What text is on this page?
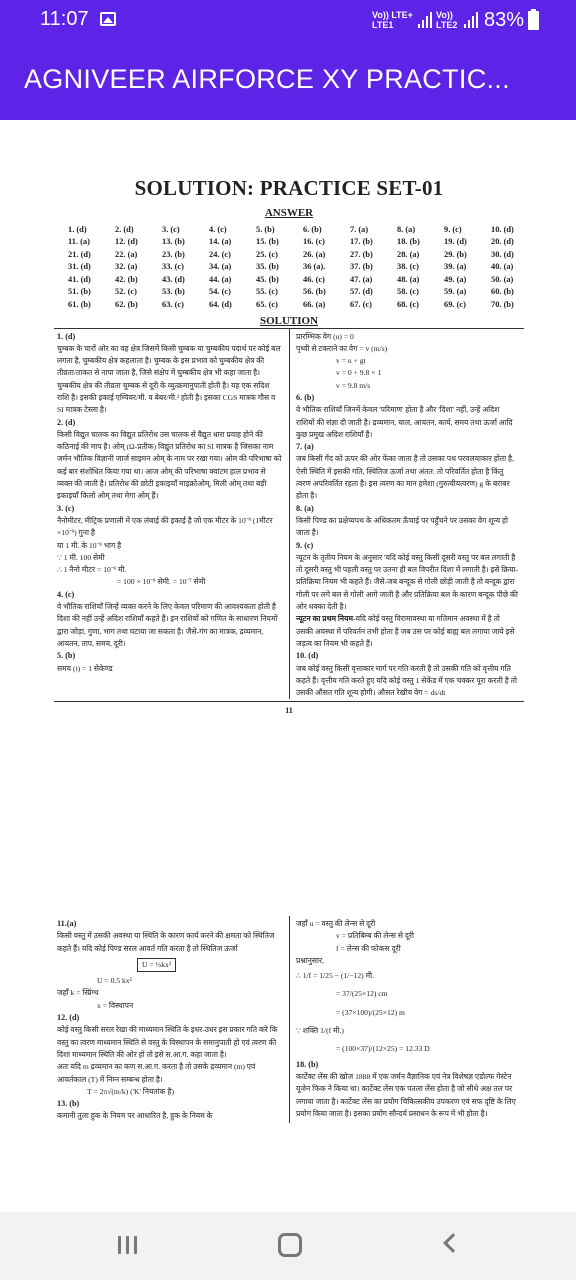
11:07	Vo)) LTE+
LTE1
Vo))
LTE2 83%
AGNIVEER AIRFORCE XY PRACTIC...
SOLUTION: PRACTICE SET-01
ANSWER
1. (d)	2. (d)	3. (c)	4. (c)	5. (b)	6. (b)	7. (a)	8. (a)	9. (c)	10. (d)
11. (a)	12. (d)	13. (b)	14. (a)	15. (b)	16. (c)	17. (b)	18. (b)	19. (d)	20. (d)
21. (d)	22. (a)	23. (b)	24. (c)	25. (c)	26. (a)	27. (b)	28. (a)	29. (b)	30. (d)
31. (d)	32. (a)	33. (c)	34. (a)	35. (b)	36 (a).	37. (b)	38. (c)	39. (a)	40. (a)
41. (d)	42. (b)	43. (d)	44. (a)	45. (b)	46. (c)	47. (a)	48. (a)	49. (a)	50. (a)
51. (b)	52. (c)	53. (b)	54. (c)	55. (c)	56. (b)	57. (d)	58. (c)	59. (a)	60. (b)
61. (b)	62. (b)	63. (c)	64. (d)	65. (c)	66. (a)	67. (c)	68. (c)	69. (c)	70. (b)
SOLUTION
1. (d)
चुम्बक के चारों ओर का वह क्षेत्र जिसमें किसी चुम्बक या चुम्बकीय पदार्थ पर कोई बल लगता है, चुम्बकीय क्षेत्र कहलाता है। चुम्बक के इस प्रभाव को चुम्बकीय क्षेत्र की तीव्रता/ताकत से नापा जाता है, जिसे संक्षेप में चुम्बकीय क्षेत्र भी कहा जाता है। चुम्बकीय क्षेत्र की तीव्रता चुम्बक से दूरी के व्युत्क्रमानुपाती होती है। यह एक सदिश राशि है। इसकी इकाई एम्पियर/मी. व बेबर/मी.² होती है। इसका CGS मात्रक गौस व SI मात्रक टेस्ला है।
2. (d)
किसी विद्युत चालक का विद्युत प्रतिरोध उस चालक से वैद्युत धारा प्रवाह होने की कठिनाई की माप है। ओम् (Ω-प्रतीक) विद्युत प्रतिरोध का SI मात्रक है जिसका नाम जर्मन भौतिक विज्ञानी जार्ज साइमन ओम् के नाम पर रखा गया। ओम की परिभाषा को कई बार संशोधित किया गया था। आज ओम् की परिभाषा क्वांटम हाल प्रभाव से व्यक्त की जाती है। प्रतिरोध की छोटी इकाइयाँ माइक्रोओम्, मिली ओम् तथा बड़ी इकाइयाँ किलो ओम् तथा मेगा ओम् हैं।
3. (c)
नैनोमीटर, मीट्रिक प्रणाली में एक लंबाई की इकाई है जो एक मीटर के 10⁻⁹ (1मीटर ×10⁻⁹) गुना है
या 1 मी. के 10⁻⁹ भाग है
∵ 1 मी. 100 सेमी
∴ 1 नैनो मीटर = 10⁻⁹ मी.
= 100 × 10⁻⁹ सेमी. = 10⁻⁷ सेमी
4. (c)
वे भौतिक राशियाँ जिन्हें व्यक्त करने के लिए केवल परिमाण की आवश्यकता होती है दिशा की नहीं उन्हें अदिश राशियाँ कहते हैं। इन राशियों को गणित के साधारण नियमों द्वारा जोड़ा, गुणा, भाग तथा घटाया जा सकता है। जैसे-गंग का मात्रक, द्रव्यमान, आयतन, ताप, समय, दूरी।
5. (b)
समय (t) = 1 सेकेण्ड
प्रारम्भिक वेग (u) = 0
पृथ्वी से टकराने का वेग = v (m/s)
v = u + gt
v = 0 + 9.8 × 1
v = 9.8 m/s
6. (b)
वे भौतिक राशियाँ जिनमें केवल 'परिमाण' होता है और 'दिशा' नहीं, उन्हें अदिश राशियों की संज्ञा दी जाती है। द्रव्यमान, चाल, आयतन, कार्य, समय तथा ऊर्जा आदि कुछ प्रमुख अदिश राशियाँ हैं।
7. (a)
जब किसी गेंद को ऊपर की ओर फेंका जाता है तो उसका पथ परवलयाकार होता है, ऐसी स्थिति में इसकी गति, स्थितिज ऊर्जा तथा अंतत: तो परिवर्तित होता है किंतु त्वरण अपरिवर्तित रहता है। इस त्वरण का मान हमेशा (गुरुत्वीयत्वरण) g के बराबर होता है।
8. (a)
किसी पिण्ड का प्रक्षेप्यपथ के अधिकतम ऊँचाई पर पहुँचने पर उसका वेग शून्य हो जाता है।
9. (c)
न्यूटन के तृतीय नियम के अनुसार 'यदि कोई वस्तु किसी दूसरी वस्तु पर बल लगाती है तो दूसरी वस्तु भी पहली वस्तु पर उतना ही बल विपरीत दिशा में लगाती है। इसे क्रिया- प्रतिक्रिया नियम भी कहते हैं। जैसे-जब बन्दूक से गोली छोड़ी जाती है तो बन्दूक द्वारा गोली पर लगे बल से गोली आगे जाती है और प्रतिक्रिया बल के कारण बन्दूक पीछे की ओर धक्का देती है।
न्यूटन का प्रथम नियम-यदि कोई वस्तु विरामावस्था या गतिमान अवस्था में है तो उसकी अवस्था में परिवर्तन तभी होता है जब उस पर कोई बाह्य बल लगाया जाये इसे जड़त्व का नियम भी कहते हैं।
10. (d)
जब कोई वस्तु किसी वृत्ताकार मार्ग पर गति करती है तो उसकी गति को वृत्तीय गति कहते हैं। वृत्तीय गति करते हुए यदि कोई वस्तु 1 सेकेंड में एक चक्कर पूरा करती है तो उसकी औसत गति शून्य होगी। औसत रेखीय वेग = ds/dt
11
11.(a)
किसी वस्तु में उसकी अवस्था या स्थिति के कारण कार्य करने की क्षमता को स्थितिज कहते हैं। यदि कोई पिण्ड सरल आवर्त गति करता है तो स्थितिज ऊर्जा
U = ½kx²
U = 0.5 kx²
जहाँ k = स्प्रिंग्थ
x = विस्थापन
12. (d)
कोई वस्तु किसी सरल रेखा की माध्यमान स्थिति के इधर-उधर इस प्रकार गति करे कि वस्तु का त्वरण माध्यमान स्थिति से वस्तु के विस्थापन के समानुपाती हो एवं त्वरण की दिशा माध्यमान स्थिति की ओर हो तो इसे स.आ.ग. कहा जाता है।
अतः यदि m द्रव्यमान का कण स.आ.ग. करता है तो उसके द्रव्यमान (m) एवं आवर्तकाल (T) में निम्न सम्बन्ध होता है।
T = 2π√(m/k) ('K' नियतांक है)
13. (b)
कमानी तुला हुक के नियम पर आधारित है, हुक के नियम के
जहाँ u = वस्तु की लेन्स से दूरी
v = प्रतिबिम्ब की लेन्स से दूरी
f = लेन्स की फोकस दूरी
प्रश्नानुसार,
∴ 1/f = 1/25 − (1/−12) मी.
= 37/(25×12) cm
= (37×100)/(25×12) m
∵ शक्ति 1/(f मी.)
= (100×37)/(12×25) = 12.33 D
18. (b)
कार्टेक्ट लेंस की खोज 1888 में एक जर्मन वैज्ञानिक एवं नेत्र विशेषज्ञ एडोल्फ गेस्टेन यूजेन फिक ने किया था। कार्टेक्ट लेंस एक पतला लेंस होता है जो सीधे अक्ष तल पर लगाया जाता है। कार्टेक्ट लेंस का प्रयोग चिकित्सकीय उपकरण एवं सफ दृष्टि के लिए प्रयोग किया जाता है। इसका प्रयोग सौन्दर्य प्रसाधन के रूप में भी होता है।
